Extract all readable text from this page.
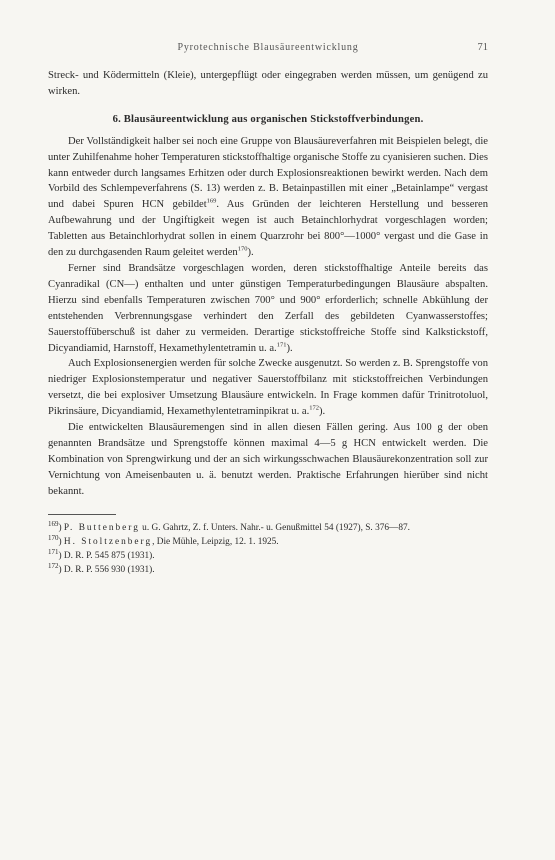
Pyrotechnische Blausäureentwicklung	71

Streck- und Ködermitteln (Kleie), untergepflügt oder eingegraben werden müssen, um genügend zu wirken.

6. Blausäureentwicklung aus organischen Stickstoffverbindungen.

Der Vollständigkeit halber sei noch eine Gruppe von Blausäureverfahren mit Beispielen belegt, die unter Zuhilfenahme hoher Temperaturen stickstoffhaltige organische Stoffe zu cyanisieren suchen. Dies kann entweder durch langsames Erhitzen oder durch Explosionsreaktionen bewirkt werden. Nach dem Vorbild des Schlempeverfahrens (S. 13) werden z. B. Betainpastillen mit einer „Betainlampe“ vergast und dabei Spuren HCN gebildet$^{169}$. Aus Gründen der leichteren Herstellung und besseren Aufbewahrung und der Ungiftigkeit wegen ist auch Betainchlorhydrat vorgeschlagen worden; Tabletten aus Betainchlorhydrat sollen in einem Quarzrohr bei 800°—1000° vergast und die Gase in den zu durchgasenden Raum geleitet werden$^{170}$).

Ferner sind Brandsätze vorgeschlagen worden, deren stickstoffhaltige Anteile bereits das Cyanradikal (CN—) enthalten und unter günstigen Temperaturbedingungen Blausäure abspalten. Hierzu sind ebenfalls Temperaturen zwischen 700° und 900° erforderlich; schnelle Abkühlung der entstehenden Verbrennungsgase verhindert den Zerfall des gebildeten Cyanwasserstoffes; Sauerstoffüberschuß ist daher zu vermeiden. Derartige stickstoffreiche Stoffe sind Kalkstickstoff, Dicyandiamid, Harnstoff, Hexamethylentetramin u. a.$^{171}$).

Auch Explosionsenergien werden für solche Zwecke ausgenutzt. So werden z. B. Sprengstoffe von niedriger Explosionstemperatur und negativer Sauerstoffbilanz mit stickstoffreichen Verbindungen versetzt, die bei explosiver Umsetzung Blausäure entwickeln. In Frage kommen dafür Trinitrotoluol, Pikrinsäure, Dicyandiamid, Hexamethylentetraminpikrat u. a.$^{172}$).

Die entwickelten Blausäuremengen sind in allen diesen Fällen gering. Aus 100 g der oben genannten Brandsätze und Sprengstoffe können maximal 4—5 g HCN entwickelt werden. Die Kombination von Sprengwirkung und der an sich wirkungsschwachen Blausäurekonzentration soll zur Vernichtung von Ameisenbauten u. ä. benutzt werden. Praktische Erfahrungen hierüber sind nicht bekannt.

$^{169}$) P. Buttenberg u. G. Gahrtz, Z. f. Unters. Nahr.- u. Genußmittel 54 (1927), S. 376—87.
$^{170}$) H. Stoltzenberg, Die Mühle, Leipzig, 12. 1. 1925.
$^{171}$) D. R. P. 545 875 (1931).
$^{172}$) D. R. P. 556 930 (1931).
